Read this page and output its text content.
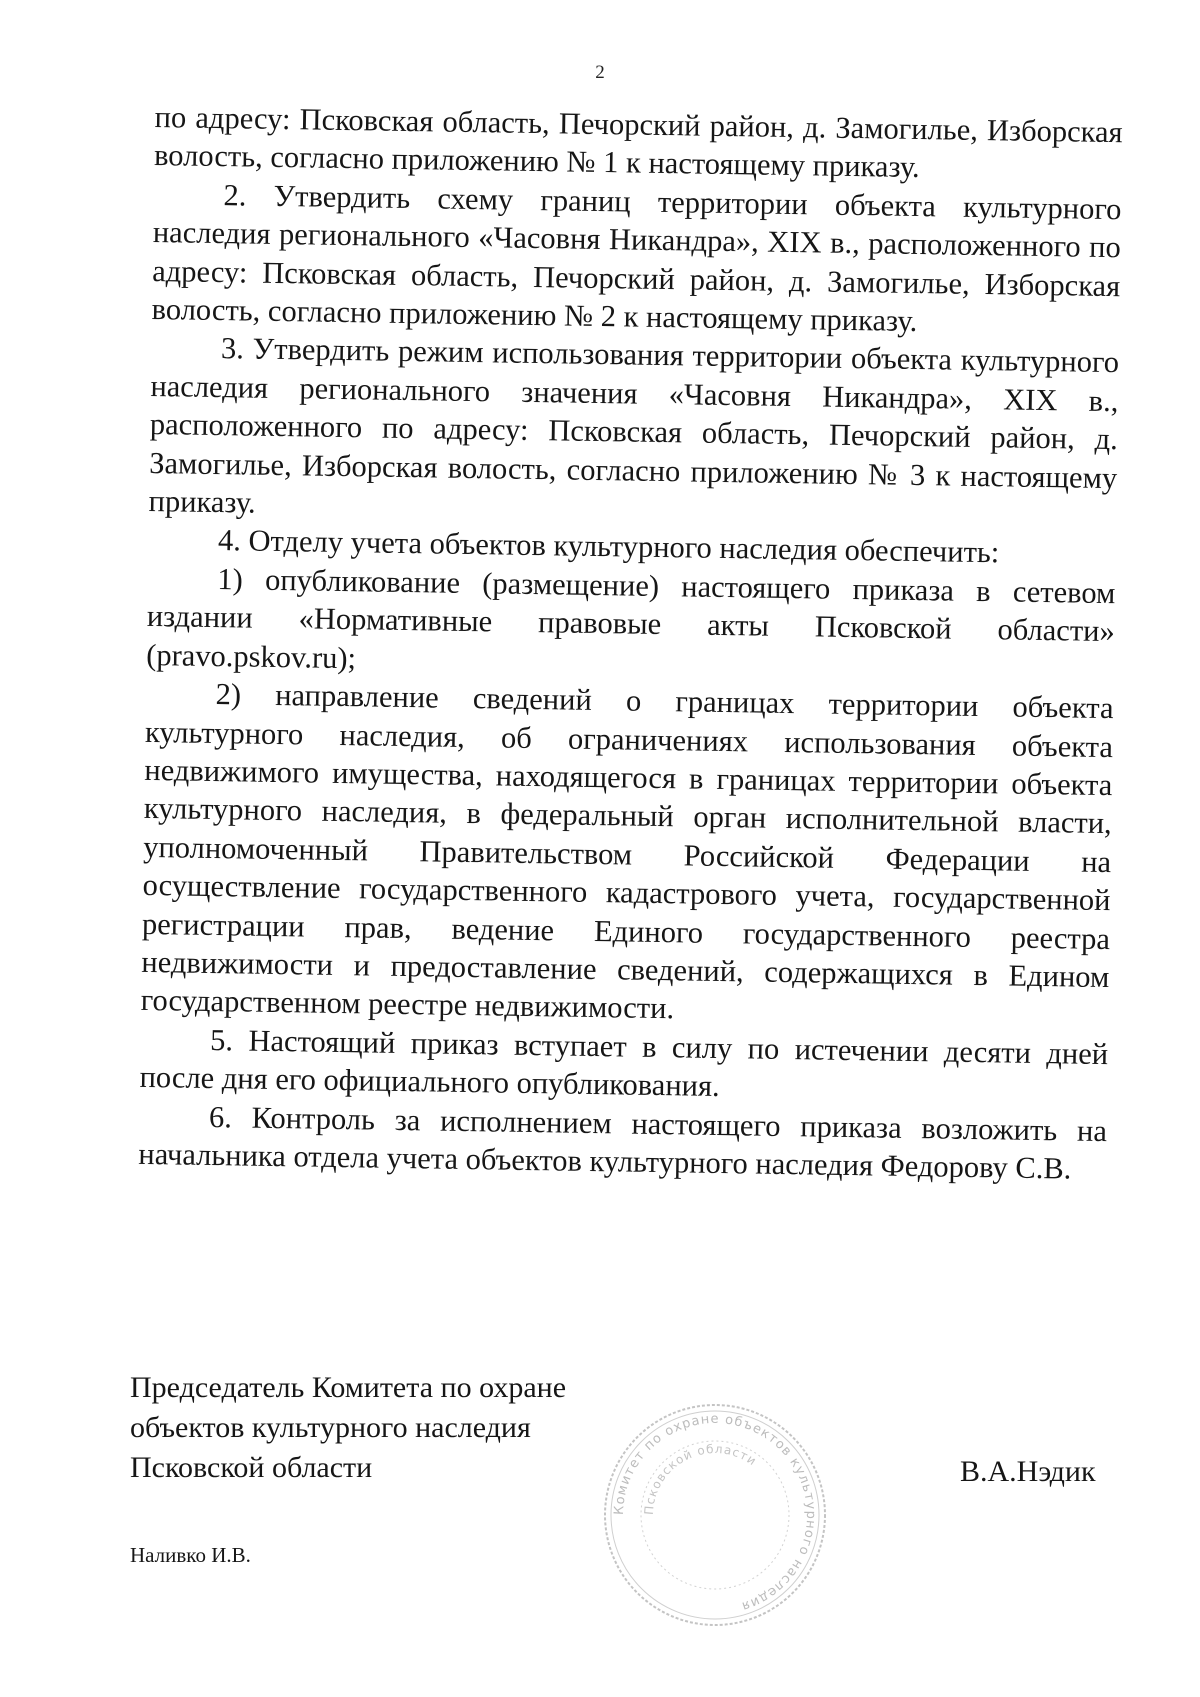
2

по адресу: Псковская область, Печорский район, д. Замогилье, Изборская волость, согласно приложению № 1 к настоящему приказу.

2. Утвердить схему границ территории объекта культурного наследия регионального «Часовня Никандра», XIX в., расположенного по адресу: Псковская область, Печорский район, д. Замогилье, Изборская волость, согласно приложению № 2 к настоящему приказу.

3. Утвердить режим использования территории объекта культурного наследия регионального значения «Часовня Никандра», XIX в., расположенного по адресу: Псковская область, Печорский район, д. Замогилье, Изборская волость, согласно приложению № 3 к настоящему приказу.

4. Отделу учета объектов культурного наследия обеспечить:

1) опубликование (размещение) настоящего приказа в сетевом издании «Нормативные правовые акты Псковской области» (pravo.pskov.ru);

2) направление сведений о границах территории объекта культурного наследия, об ограничениях использования объекта недвижимого имущества, находящегося в границах территории объекта культурного наследия, в федеральный орган исполнительной власти, уполномоченный Правительством Российской Федерации на осуществление государственного кадастрового учета, государственной регистрации прав, ведение Единого государственного реестра недвижимости и предоставление сведений, содержащихся в Едином государственном реестре недвижимости.

5. Настоящий приказ вступает в силу по истечении десяти дней после дня его официального опубликования.

6. Контроль за исполнением настоящего приказа возложить на начальника отдела учета объектов культурного наследия Федорову С.В.

Председатель Комитета по охране
объектов культурного наследия
Псковской области
Комитет по охране объектов культурного наследия
Псковской области	В.А.Нэдик
Наливко И.В.
